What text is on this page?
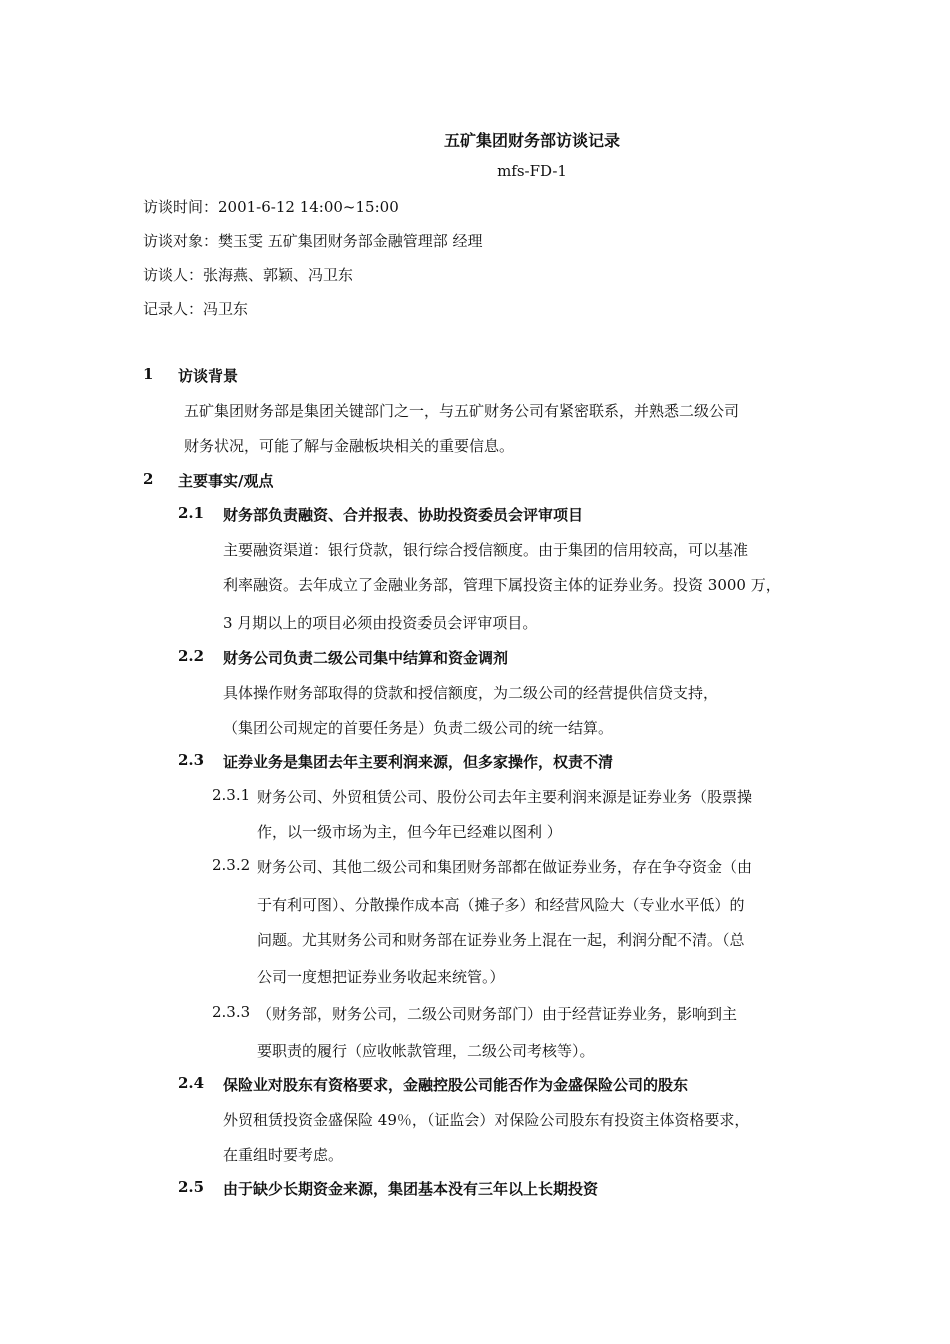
五矿集团财务部访谈记录
mfs-FD-1
访谈时间：2001-6-12 14:00~15:00
访谈对象：樊玉雯 五矿集团财务部金融管理部 经理
访谈人：张海燕、郭颖、冯卫东
记录人：冯卫东
1 访谈背景
五矿集团财务部是集团关键部门之一，与五矿财务公司有紧密联系，并熟悉二级公司
财务状况，可能了解与金融板块相关的重要信息。
2 主要事实/观点
2.1 财务部负责融资、合并报表、协助投资委员会评审项目
主要融资渠道：银行贷款，银行综合授信额度。由于集团的信用较高，可以基准
利率融资。去年成立了金融业务部，管理下属投资主体的证券业务。投资 3000 万，
3 月期以上的项目必须由投资委员会评审项目。
2.2 财务公司负责二级公司集中结算和资金调剂
具体操作财务部取得的贷款和授信额度，为二级公司的经营提供信贷支持，
（集团公司规定的首要任务是）负责二级公司的统一结算。
2.3 证券业务是集团去年主要利润来源，但多家操作，权责不清
2.3.1 财务公司、外贸租赁公司、股份公司去年主要利润来源是证券业务（股票操
作，以一级市场为主，但今年已经难以图利 ）
2.3.2 财务公司、其他二级公司和集团财务部都在做证券业务，存在争夺资金（由
于有利可图）、分散操作成本高（摊子多）和经营风险大（专业水平低）的
问题。尤其财务公司和财务部在证券业务上混在一起，利润分配不清。（总
公司一度想把证券业务收起来统管。）
2.3.3 （财务部，财务公司，二级公司财务部门）由于经营证券业务，影响到主
要职责的履行（应收帐款管理，二级公司考核等）。
2.4 保险业对股东有资格要求，金融控股公司能否作为金盛保险公司的股东
外贸租赁投资金盛保险 49％，（证监会）对保险公司股东有投资主体资格要求，
在重组时要考虑。
2.5 由于缺少长期资金来源，集团基本没有三年以上长期投资
